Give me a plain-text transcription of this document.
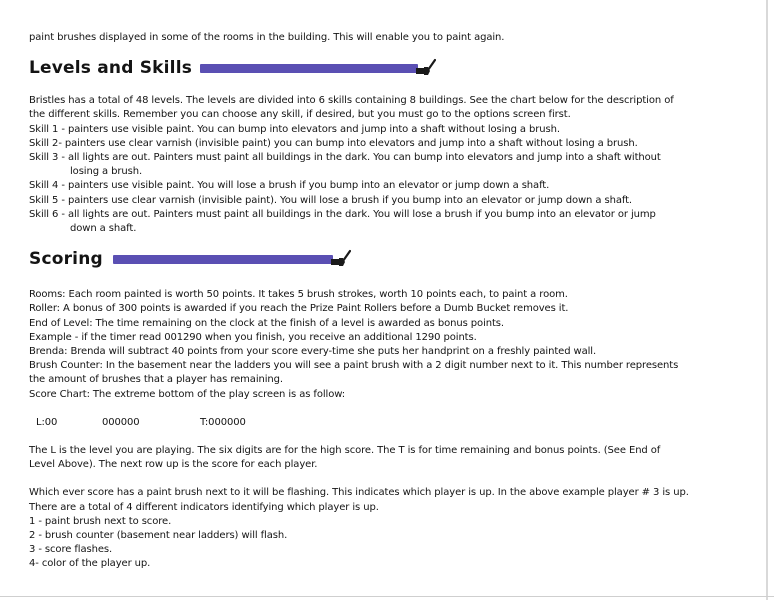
paint brushes displayed in some of the rooms in the building. This will enable you to paint again.
Levels and Skills
Bristles has a total of 48 levels. The levels are divided into 6 skills containing 8 buildings. See the chart below for the description of
the different skills. Remember you can choose any skill, if desired, but you must go to the options screen first.
Skill 1 - painters use visible paint. You can bump into elevators and jump into a shaft without losing a brush.
Skill 2- painters use clear varnish (invisible paint) you can bump into elevators and jump into a shaft without losing a brush.
Skill 3 - all lights are out. Painters must paint all buildings in the dark. You can bump into elevators and jump into a shaft without
losing a brush.
Skill 4 - painters use visible paint. You will lose a brush if you bump into an elevator or jump down a shaft.
Skill 5 - painters use clear varnish (invisible paint). You will lose a brush if you bump into an elevator or jump down a shaft.
Skill 6 - all lights are out. Painters must paint all buildings in the dark. You will lose a brush if you bump into an elevator or jump
down a shaft.
Scoring
Rooms: Each room painted is worth 50 points. It takes 5 brush strokes, worth 10 points each, to paint a room.
Roller: A bonus of 300 points is awarded if you reach the Prize Paint Rollers before a Dumb Bucket removes it.
End of Level: The time remaining on the clock at the finish of a level is awarded as bonus points.
Example - if the timer read 001290 when you finish, you receive an additional 1290 points.
Brenda: Brenda will subtract 40 points from your score every-time she puts her handprint on a freshly painted wall.
Brush Counter: In the basement near the ladders you will see a paint brush with a 2 digit number next to it. This number represents
the amount of brushes that a player has remaining.
Score Chart: The extreme bottom of the play screen is as follow:
L:00	000000	T:000000
The L is the level you are playing. The six digits are for the high score. The T is for time remaining and bonus points. (See End of
Level Above). The next row up is the score for each player.
Which ever score has a paint brush next to it will be flashing. This indicates which player is up. In the above example player # 3 is up.
There are a total of 4 different indicators identifying which player is up.
1 - paint brush next to score.
2 - brush counter (basement near ladders) will flash.
3 - score flashes.
4- color of the player up.
